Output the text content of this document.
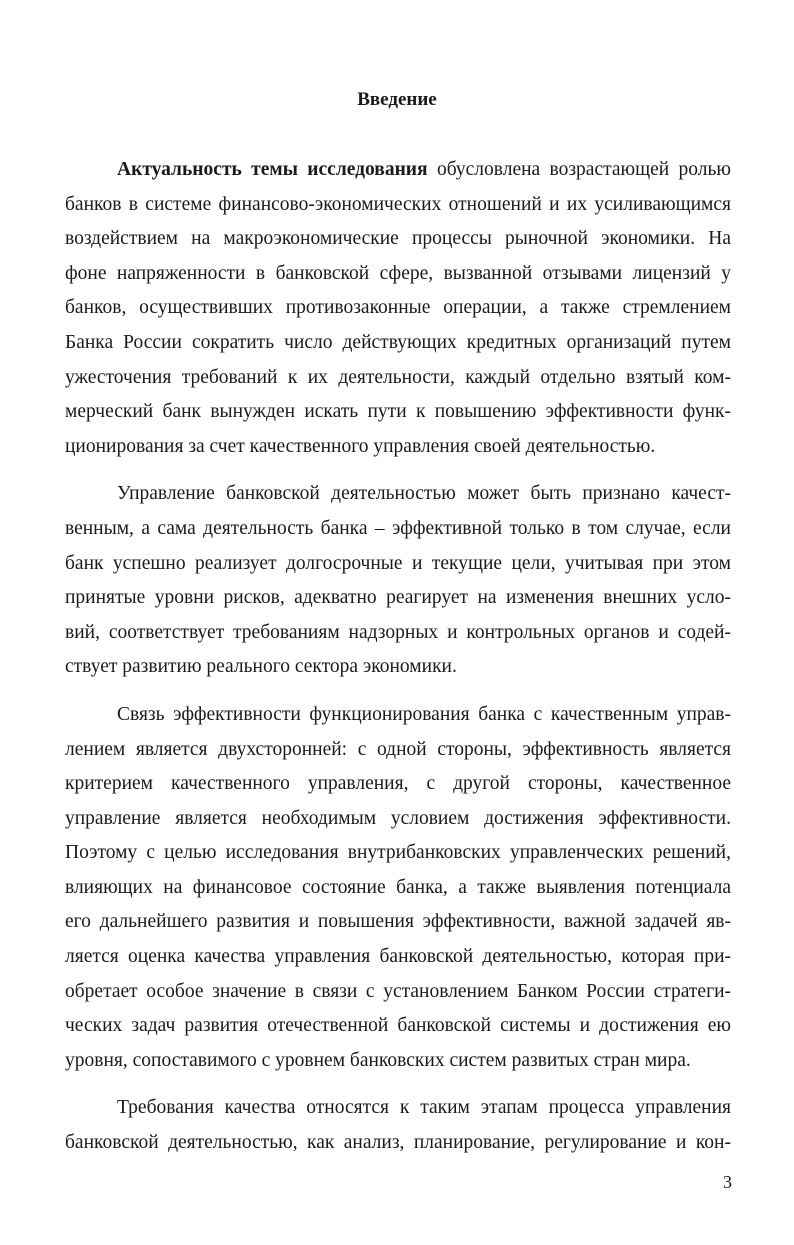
Введение
Актуальность темы исследования обусловлена возрастающей ролью
банков в системе финансово-экономических отношений и их усиливающимся
воздействием на макроэкономические процессы рыночной экономики. На
фоне напряженности в банковской сфере, вызванной отзывами лицензий у
банков, осуществивших противозаконные операции, а также стремлением
Банка России сократить число действующих кредитных организаций путем
ужесточения требований к их деятельности, каждый отдельно взятый ком-
мерческий банк вынужден искать пути к повышению эффективности функ-
ционирования за счет качественного управления своей деятельностью.
Управление банковской деятельностью может быть признано качест-
венным, а сама деятельность банка – эффективной только в том случае, если
банк успешно реализует долгосрочные и текущие цели, учитывая при этом
принятые уровни рисков, адекватно реагирует на изменения внешних усло-
вий, соответствует требованиям надзорных и контрольных органов и содей-
ствует развитию реального сектора экономики.
Связь эффективности функционирования банка с качественным управ-
лением является двухсторонней: с одной стороны, эффективность является
критерием качественного управления, с другой стороны, качественное
управление является необходимым условием достижения эффективности.
Поэтому с целью исследования внутрибанковских управленческих решений,
влияющих на финансовое состояние банка, а также выявления потенциала
его дальнейшего развития и повышения эффективности, важной задачей яв-
ляется оценка качества управления банковской деятельностью, которая при-
обретает особое значение в связи с установлением Банком России стратеги-
ческих задач развития отечественной банковской системы и достижения ею
уровня, сопоставимого с уровнем банковских систем развитых стран мира.
Требования качества относятся к таким этапам процесса управления
банковской деятельностью, как анализ, планирование, регулирование и кон-
3
